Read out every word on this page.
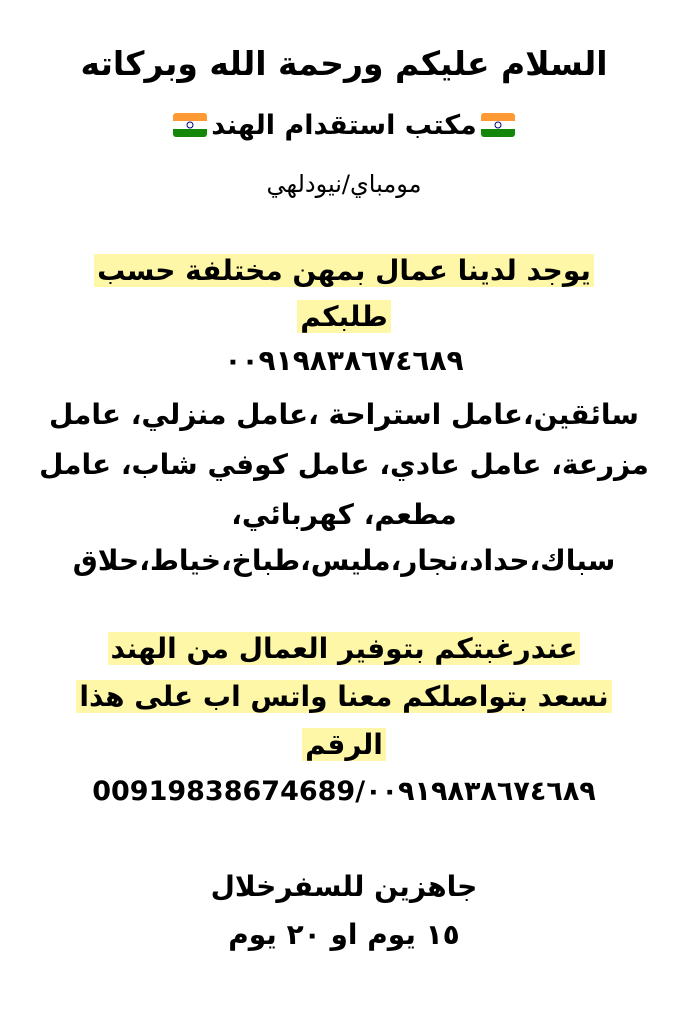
السلام عليكم ورحمة الله وبركاته
مكتب استقدام الهند
مومباي/نيودلهي
يوجد لدينا عمال بمهن مختلفة حسب
طلبكم
٠٠٩١٩٨٣٨٦٧٤٦٨٩
سائقين،عامل استراحة ،عامل منزلي، عامل
مزرعة، عامل عادي، عامل كوفي شاب، عامل
مطعم، كهربائي،
سباك،حداد،نجار،مليس،طباخ،خياط،حلاق
عندرغبتكم بتوفير العمال من الهند
نسعد بتواصلكم معنا واتس اب على هذا
الرقم
00919838674689/٠٠٩١٩٨٣٨٦٧٤٦٨٩
جاهزين للسفرخلال
١٥ يوم او ٢٠ يوم
